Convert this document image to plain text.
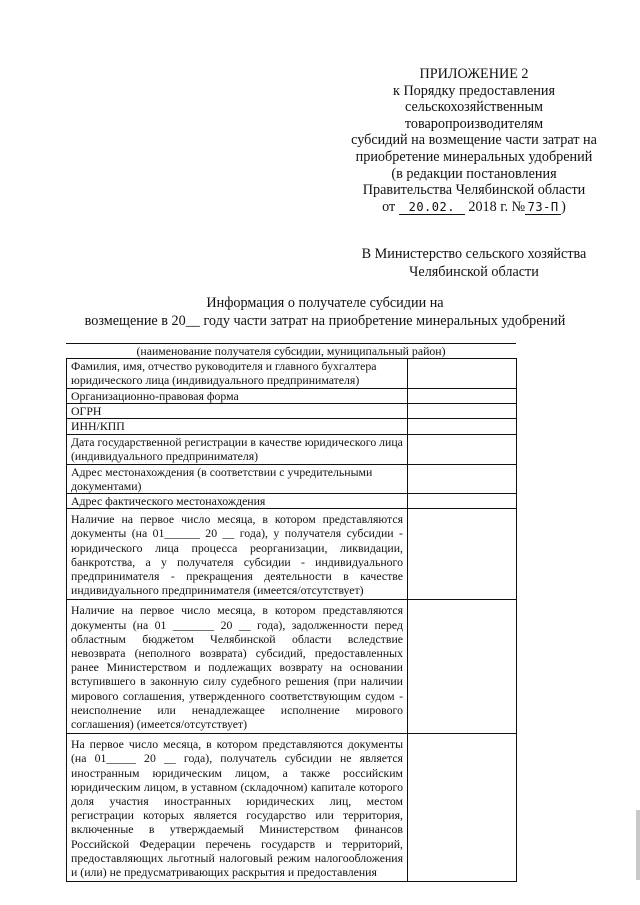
ПРИЛОЖЕНИЕ 2
к Порядку предоставления
сельскохозяйственным
товаропроизводителям
субсидий на возмещение части затрат на
приобретение минеральных удобрений
(в редакции постановления
Правительства Челябинской области
от 20.02. 2018 г. № 73-П )
В Министерство сельского хозяйства
Челябинской области
Информация о получателе субсидии на
возмещение в 20__ году части затрат на приобретение минеральных удобрений
(наименование получателя субсидии, муниципальный район)
Фамилия, имя, отчество руководителя и главного бухгалтера юридического лица (индивидуального предпринимателя)	
Организационно-правовая форма	
ОГРН	
ИНН/КПП	
Дата государственной регистрации в качестве юридического лица (индивидуального предпринимателя)	
Адрес местонахождения (в соответствии с учредительными документами)	
Адрес фактического местонахождения	
Наличие на первое число месяца, в котором представляются документы (на 01______ 20 __ года), у получателя субсидии - юридического лица процесса реорганизации, ликвидации, банкротства, а у получателя субсидии - индивидуального предпринимателя - прекращения деятельности в качестве индивидуального предпринимателя (имеется/отсутствует)	
Наличие на первое число месяца, в котором представляются документы (на 01 _______ 20 __ года), задолженности перед областным бюджетом Челябинской области вследствие невозврата (неполного возврата) субсидий, предоставленных ранее Министерством и подлежащих возврату на основании вступившего в законную силу судебного решения (при наличии мирового соглашения, утвержденного соответствующим судом - неисполнение или ненадлежащее исполнение мирового соглашения) (имеется/отсутствует)	
На первое число месяца, в котором представляются документы (на 01_____ 20 __ года), получатель субсидии не является иностранным юридическим лицом, а также российским юридическим лицом, в уставном (складочном) капитале которого доля участия иностранных юридических лиц, местом регистрации которых является государство или территория, включенные в утверждаемый Министерством финансов Российской Федерации перечень государств и территорий, предоставляющих льготный налоговый режим налогообложения и (или) не предусматривающих раскрытия и предоставления	
